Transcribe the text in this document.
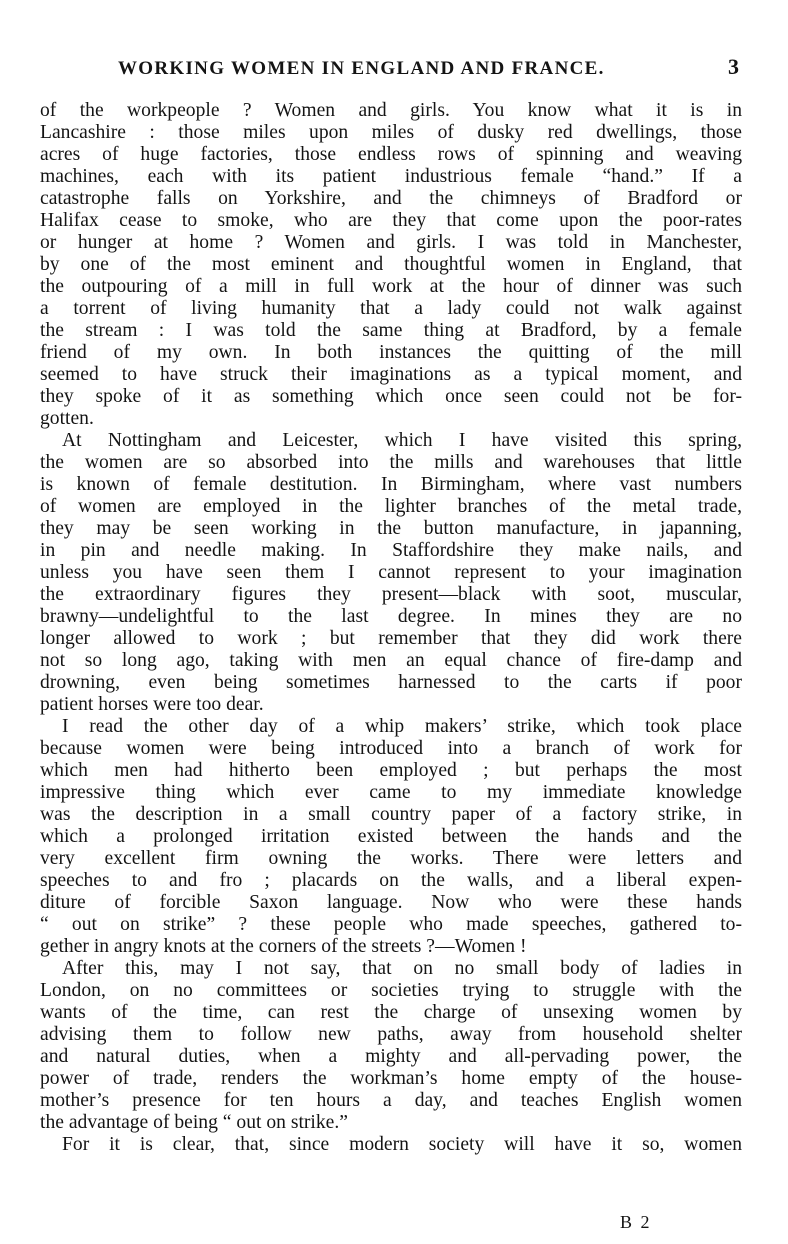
WORKING WOMEN IN ENGLAND AND FRANCE.	3
of the workpeople ? Women and girls. You know what it is in
Lancashire : those miles upon miles of dusky red dwellings, those
acres of huge factories, those endless rows of spinning and weaving
machines, each with its patient industrious female “hand.” If a
catastrophe falls on Yorkshire, and the chimneys of Bradford or
Halifax cease to smoke, who are they that come upon the poor-rates
or hunger at home ? Women and girls. I was told in Manchester,
by one of the most eminent and thoughtful women in England, that
the outpouring of a mill in full work at the hour of dinner was such
a torrent of living humanity that a lady could not walk against
the stream : I was told the same thing at Bradford, by a female
friend of my own. In both instances the quitting of the mill
seemed to have struck their imaginations as a typical moment, and
they spoke of it as something which once seen could not be for-
gotten.
At Nottingham and Leicester, which I have visited this spring,
the women are so absorbed into the mills and warehouses that little
is known of female destitution. In Birmingham, where vast numbers
of women are employed in the lighter branches of the metal trade,
they may be seen working in the button manufacture, in japanning,
in pin and needle making. In Staffordshire they make nails, and
unless you have seen them I cannot represent to your imagination
the extraordinary figures they present—black with soot, muscular,
brawny—undelightful to the last degree. In mines they are no
longer allowed to work ; but remember that they did work there
not so long ago, taking with men an equal chance of fire-damp and
drowning, even being sometimes harnessed to the carts if poor
patient horses were too dear.
I read the other day of a whip makers’ strike, which took place
because women were being introduced into a branch of work for
which men had hitherto been employed ; but perhaps the most
impressive thing which ever came to my immediate knowledge
was the description in a small country paper of a factory strike, in
which a prolonged irritation existed between the hands and the
very excellent firm owning the works. There were letters and
speeches to and fro ; placards on the walls, and a liberal expen-
diture of forcible Saxon language. Now who were these hands
“ out on strike” ? these people who made speeches, gathered to-
gether in angry knots at the corners of the streets ?—Women !
After this, may I not say, that on no small body of ladies in
London, on no committees or societies trying to struggle with the
wants of the time, can rest the charge of unsexing women by
advising them to follow new paths, away from household shelter
and natural duties, when a mighty and all-pervading power, the
power of trade, renders the workman’s home empty of the house-
mother’s presence for ten hours a day, and teaches English women
the advantage of being “ out on strike.”
For it is clear, that, since modern society will have it so, women
B 2
